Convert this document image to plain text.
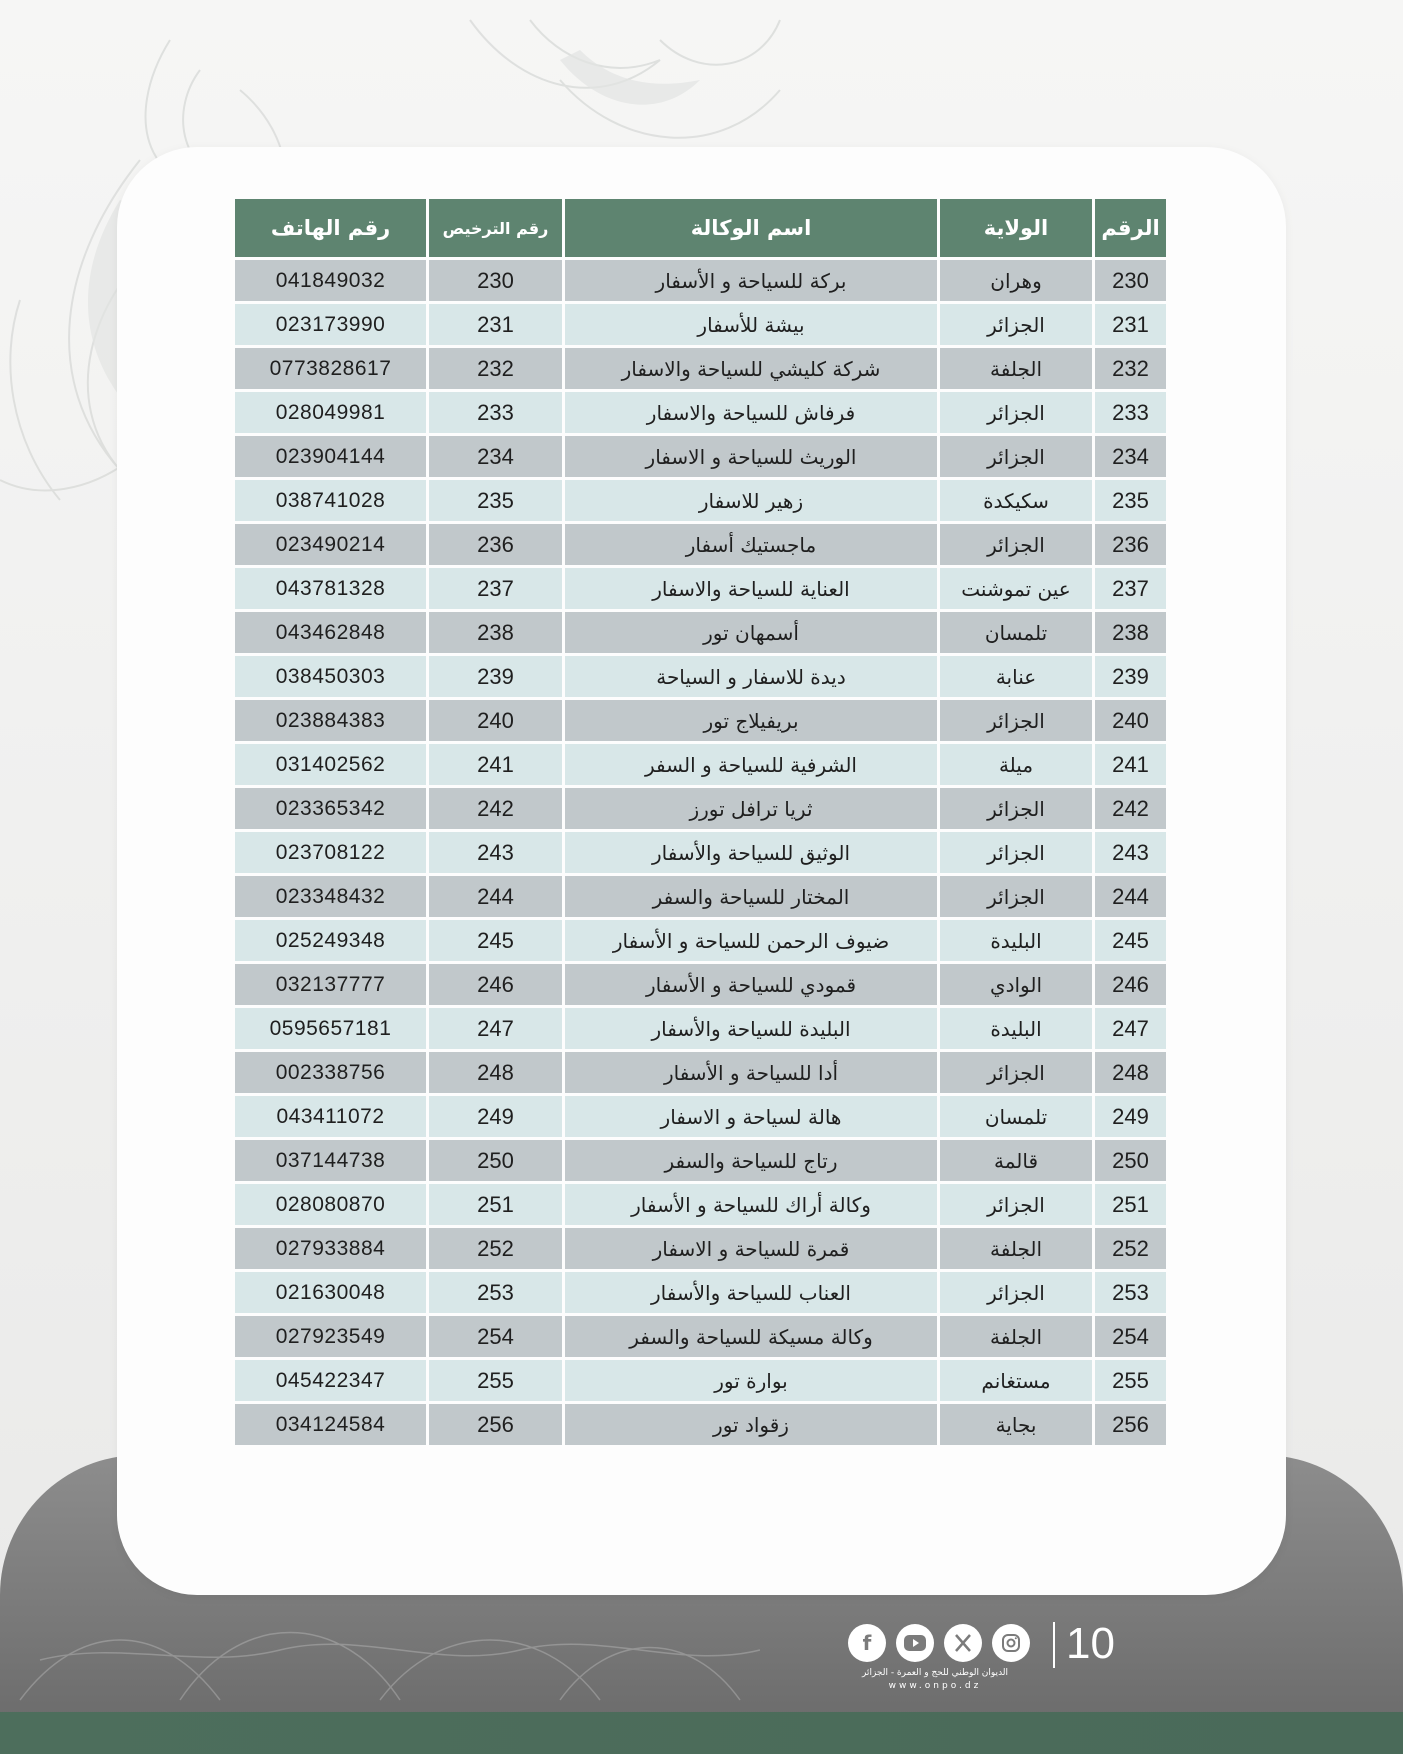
الرقم	الولاية	اسم الوكالة	رقم الترخيص	رقم الهاتف
230	وهران	بركة للسياحة و الأسفار	230	041849032
231	الجزائر	بيشة للأسفار	231	023173990
232	الجلفة	شركة كليشي للسياحة والاسفار	232	0773828617
233	الجزائر	فرفاش للسياحة والاسفار	233	028049981
234	الجزائر	الوريث للسياحة و الاسفار	234	023904144
235	سكيكدة	زهير للاسفار	235	038741028
236	الجزائر	ماجستيك أسفار	236	023490214
237	عين تموشنت	العناية للسياحة والاسفار	237	043781328
238	تلمسان	أسمهان تور	238	043462848
239	عنابة	ديدة للاسفار و السياحة	239	038450303
240	الجزائر	بريفيلاج تور	240	023884383
241	ميلة	الشرفية للسياحة و السفر	241	031402562
242	الجزائر	ثريا ترافل تورز	242	023365342
243	الجزائر	الوثيق للسياحة والأسفار	243	023708122
244	الجزائر	المختار للسياحة والسفر	244	023348432
245	البليدة	ضيوف الرحمن للسياحة و الأسفار	245	025249348
246	الوادي	قمودي للسياحة و الأسفار	246	032137777
247	البليدة	البليدة للسياحة والأسفار	247	0595657181
248	الجزائر	أدا للسياحة و الأسفار	248	002338756
249	تلمسان	هالة لسياحة و الاسفار	249	043411072
250	قالمة	رتاج للسياحة والسفر	250	037144738
251	الجزائر	وكالة أراك للسياحة و الأسفار	251	028080870
252	الجلفة	قمرة للسياحة و الاسفار	252	027933884
253	الجزائر	العناب للسياحة والأسفار	253	021630048
254	الجلفة	وكالة مسيكة للسياحة والسفر	254	027923549
255	مستغانم	بوارة تور	255	045422347
256	بجاية	زقواد تور	256	034124584
f	10
الديوان الوطني للحج و العمرة - الجزائر
www.onpo.dz
